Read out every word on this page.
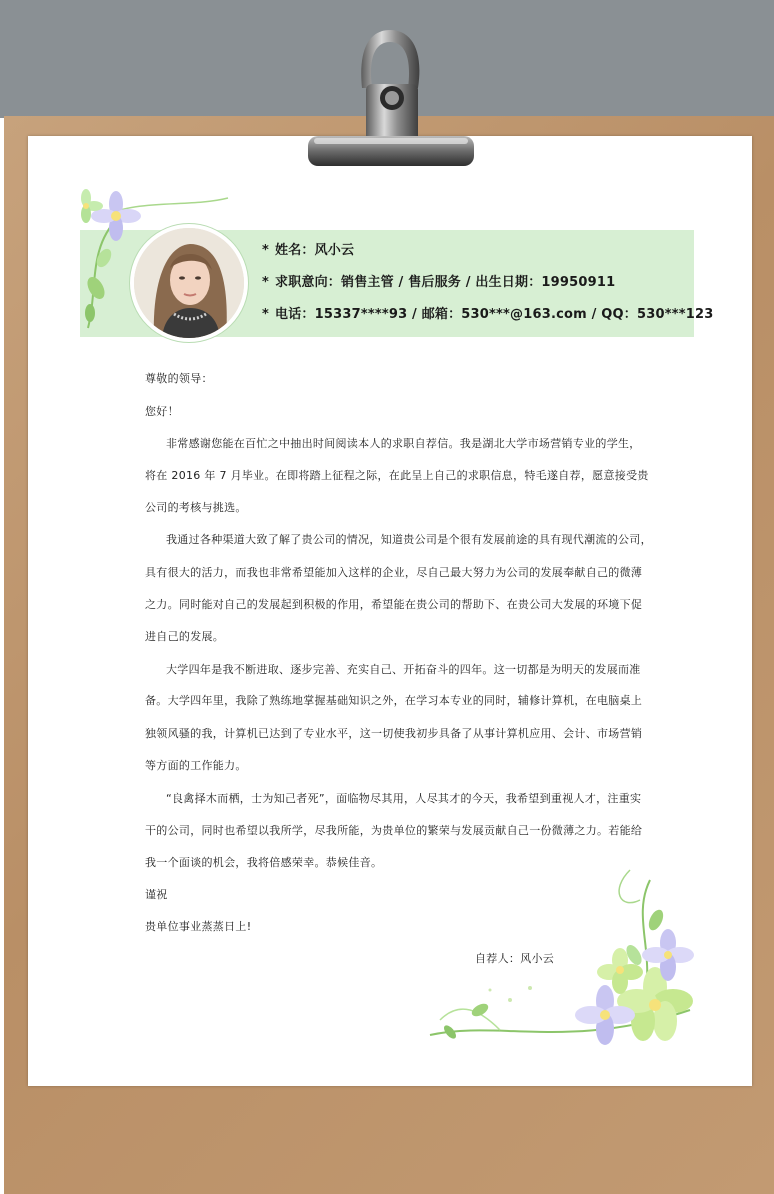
* 姓名：风小云
* 求职意向：销售主管 / 售后服务 / 出生日期：19950911
* 电话：15337****93 / 邮箱：530***@163.com / QQ：530***123
尊敬的领导：
您好！
非常感谢您能在百忙之中抽出时间阅读本人的求职自荐信。我是湖北大学市场营销专业的学生，
将在 2016 年 7 月毕业。在即将踏上征程之际，在此呈上自己的求职信息，特毛遂自荐，愿意接受贵
公司的考核与挑选。
我通过各种渠道大致了解了贵公司的情况，知道贵公司是个很有发展前途的具有现代潮流的公司，
具有很大的活力，而我也非常希望能加入这样的企业，尽自己最大努力为公司的发展奉献自己的微薄
之力。同时能对自己的发展起到积极的作用，希望能在贵公司的帮助下、在贵公司大发展的环境下促
进自己的发展。
大学四年是我不断进取、逐步完善、充实自己、开拓奋斗的四年。这一切都是为明天的发展而准
备。大学四年里，我除了熟练地掌握基础知识之外，在学习本专业的同时，辅修计算机，在电脑桌上
独领风骚的我，计算机已达到了专业水平，这一切使我初步具备了从事计算机应用、会计、市场营销
等方面的工作能力。
“良禽择木而栖，士为知己者死”，面临物尽其用，人尽其才的今天，我希望到重视人才，注重实
干的公司，同时也希望以我所学，尽我所能，为贵单位的繁荣与发展贡献自己一份微薄之力。若能给
我一个面谈的机会，我将倍感荣幸。恭候佳音。
谨祝
贵单位事业蒸蒸日上!
自荐人：风小云
